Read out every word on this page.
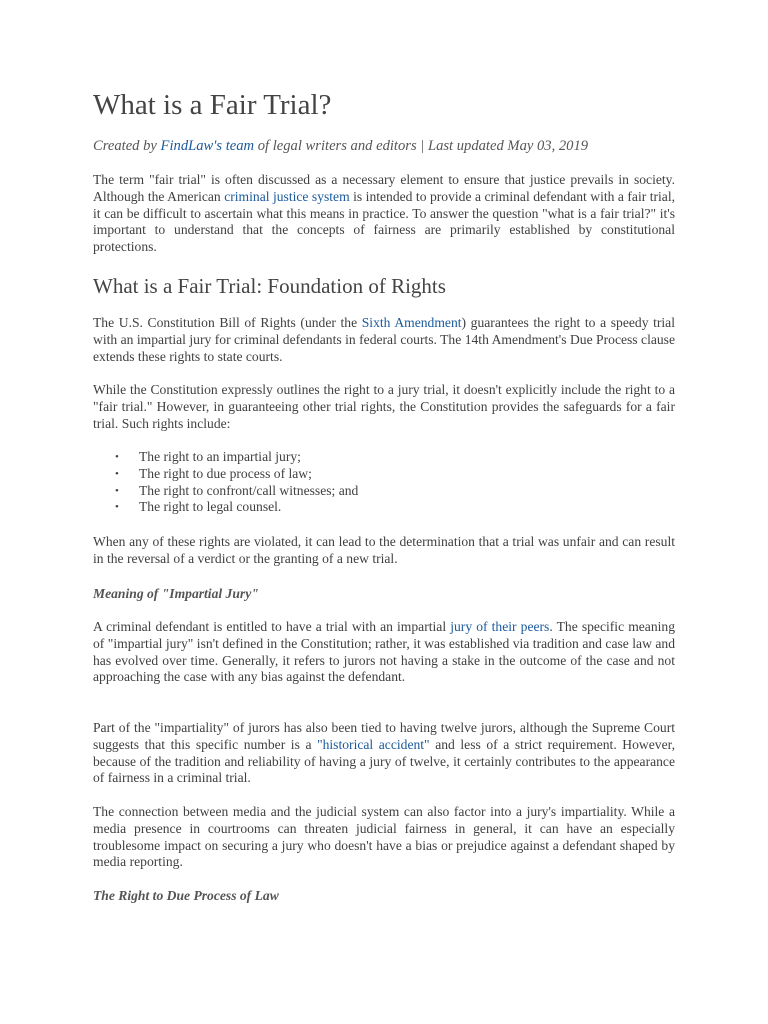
What is a Fair Trial?

Created by FindLaw's team of legal writers and editors | Last updated May 03, 2019

The term "fair trial" is often discussed as a necessary element to ensure that justice prevails in society. Although the American criminal justice system is intended to provide a criminal defendant with a fair trial, it can be difficult to ascertain what this means in practice. To answer the question "what is a fair trial?" it's important to understand that the concepts of fairness are primarily established by constitutional protections.

What is a Fair Trial: Foundation of Rights

The U.S. Constitution Bill of Rights (under the Sixth Amendment) guarantees the right to a speedy trial with an impartial jury for criminal defendants in federal courts. The 14th Amendment's Due Process clause extends these rights to state courts.

While the Constitution expressly outlines the right to a jury trial, it doesn't explicitly include the right to a "fair trial." However, in guaranteeing other trial rights, the Constitution provides the safeguards for a fair trial. Such rights include:

• The right to an impartial jury;
• The right to due process of law;
• The right to confront/call witnesses; and
• The right to legal counsel.

When any of these rights are violated, it can lead to the determination that a trial was unfair and can result in the reversal of a verdict or the granting of a new trial.

Meaning of "Impartial Jury"

A criminal defendant is entitled to have a trial with an impartial jury of their peers. The specific meaning of "impartial jury" isn't defined in the Constitution; rather, it was established via tradition and case law and has evolved over time. Generally, it refers to jurors not having a stake in the outcome of the case and not approaching the case with any bias against the defendant.

Part of the "impartiality" of jurors has also been tied to having twelve jurors, although the Supreme Court suggests that this specific number is a "historical accident" and less of a strict requirement. However, because of the tradition and reliability of having a jury of twelve, it certainly contributes to the appearance of fairness in a criminal trial.

The connection between media and the judicial system can also factor into a jury's impartiality. While a media presence in courtrooms can threaten judicial fairness in general, it can have an especially troublesome impact on securing a jury who doesn't have a bias or prejudice against a defendant shaped by media reporting.

The Right to Due Process of Law
